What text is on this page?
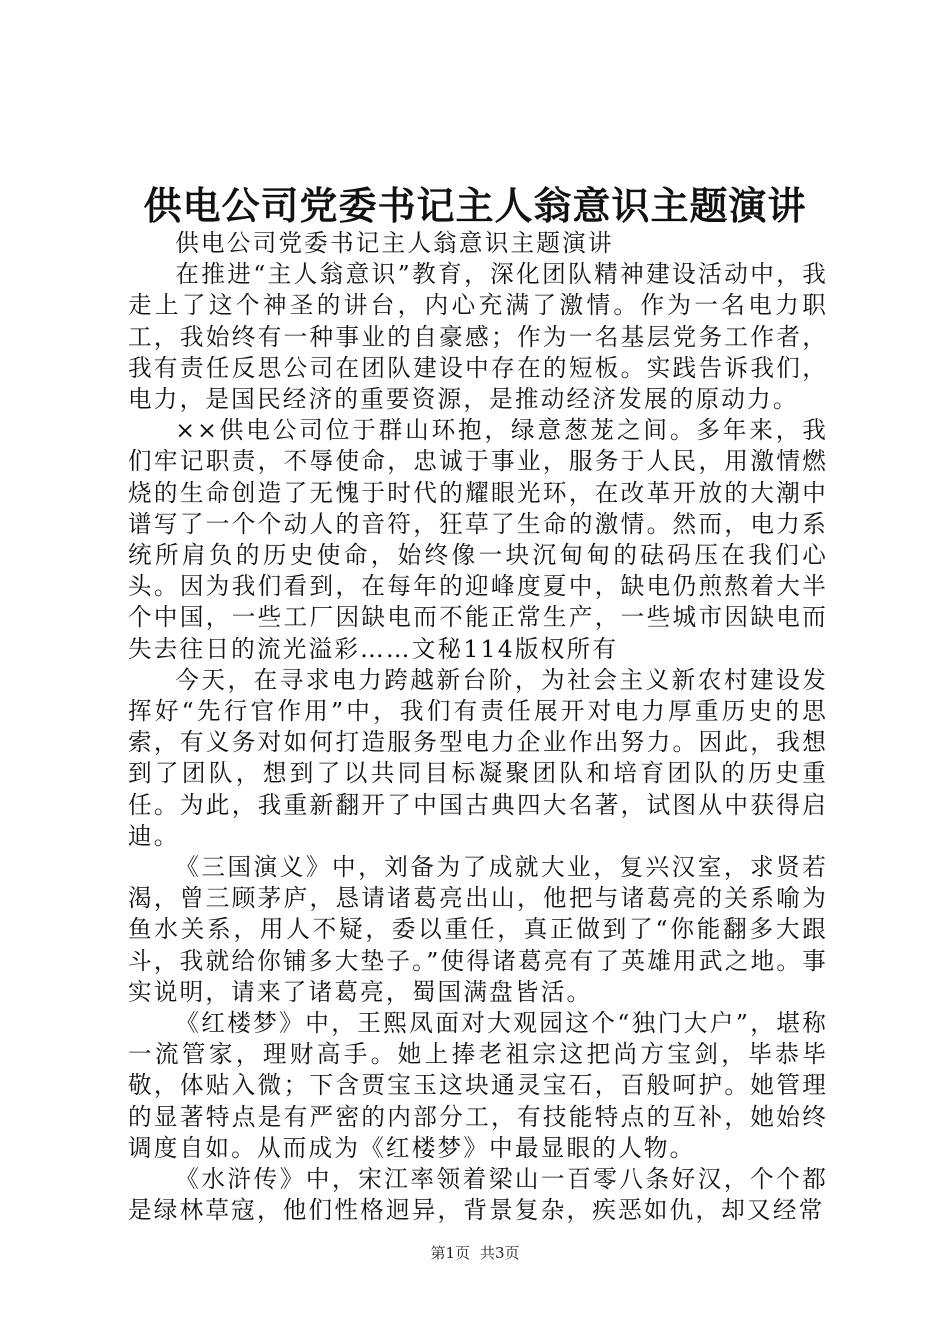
供电公司党委书记主人翁意识主题演讲

供电公司党委书记主人翁意识主题演讲

在推进“主人翁意识”教育，深化团队精神建设活动中，我走上了这个神圣的讲台，内心充满了激情。作为一名电力职工，我始终有一种事业的自豪感；作为一名基层党务工作者，我有责任反思公司在团队建设中存在的短板。实践告诉我们，电力，是国民经济的重要资源，是推动经济发展的原动力。

××供电公司位于群山环抱，绿意葱茏之间。多年来，我们牢记职责，不辱使命，忠诚于事业，服务于人民，用激情燃烧的生命创造了无愧于时代的耀眼光环，在改革开放的大潮中谱写了一个个动人的音符，狂草了生命的激情。然而，电力系统所肩负的历史使命，始终像一块沉甸甸的砝码压在我们心头。因为我们看到，在每年的迎峰度夏中，缺电仍煎熬着大半个中国，一些工厂因缺电而不能正常生产，一些城市因缺电而失去往日的流光溢彩……文秘114版权所有

今天，在寻求电力跨越新台阶，为社会主义新农村建设发挥好“先行官作用”中，我们有责任展开对电力厚重历史的思索，有义务对如何打造服务型电力企业作出努力。因此，我想到了团队，想到了以共同目标凝聚团队和培育团队的历史重任。为此，我重新翻开了中国古典四大名著，试图从中获得启迪。

《三国演义》中，刘备为了成就大业，复兴汉室，求贤若渴，曾三顾茅庐，恳请诸葛亮出山，他把与诸葛亮的关系喻为鱼水关系，用人不疑，委以重任，真正做到了“你能翻多大跟斗，我就给你铺多大垫子。”使得诸葛亮有了英雄用武之地。事实说明，请来了诸葛亮，蜀国满盘皆活。

《红楼梦》中，王熙凤面对大观园这个“独门大户”，堪称一流管家，理财高手。她上捧老祖宗这把尚方宝剑，毕恭毕敬，体贴入微；下含贾宝玉这块通灵宝石，百般呵护。她管理的显著特点是有严密的内部分工，有技能特点的互补，她始终调度自如。从而成为《红楼梦》中最显眼的人物。

《水浒传》中，宋江率领着梁山一百零八条好汉，个个都是绿林草寇，他们性格迥异，背景复杂，疾恶如仇，却又经常

第1页 共3页
